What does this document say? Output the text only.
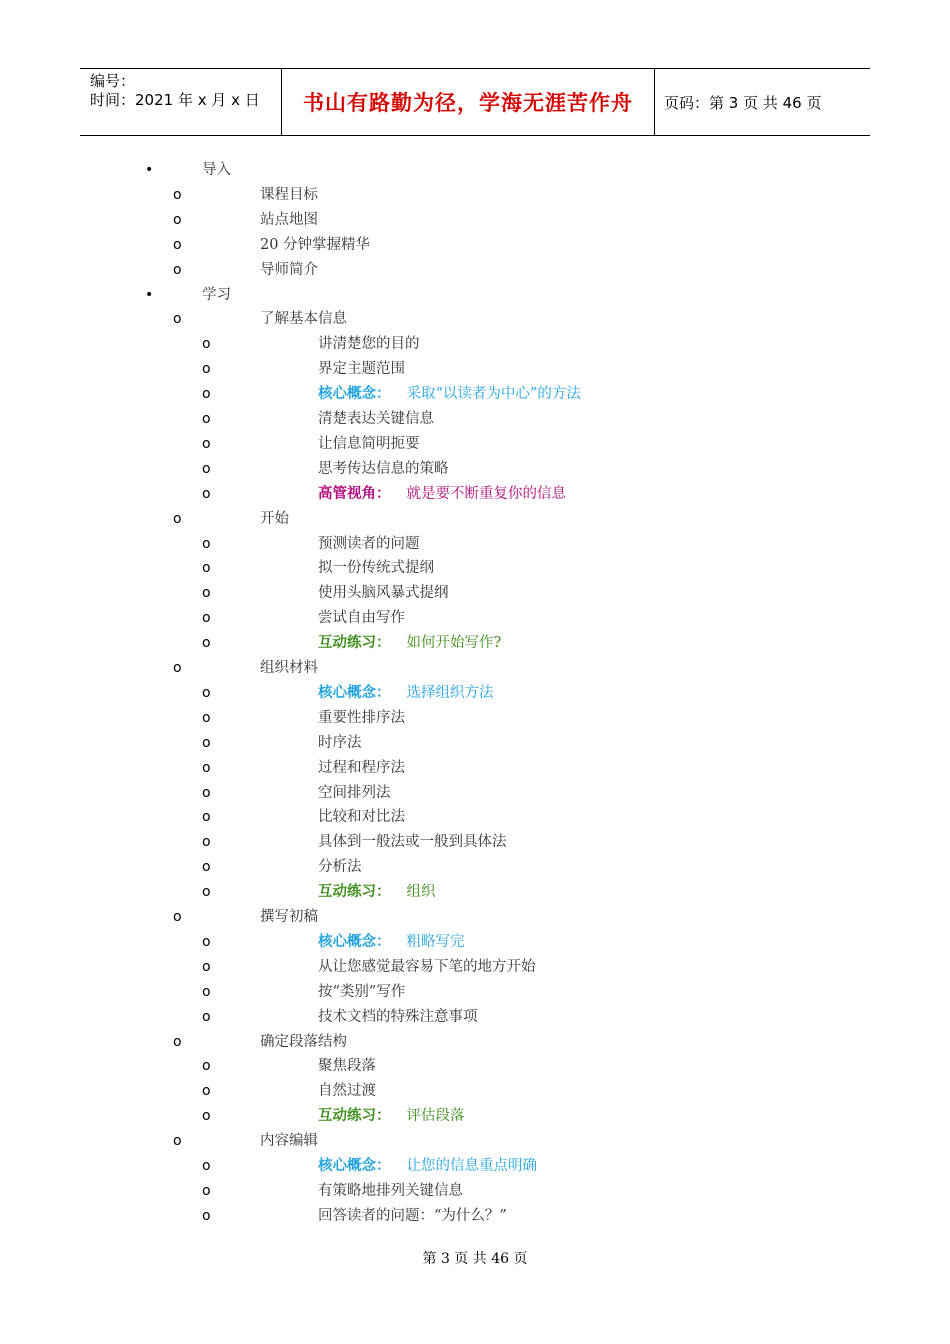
编号：
时间：2021 年 x 月 x 日	书山有路勤为径，学海无涯苦作舟 页码：第 3 页 共 46 页
•	导入
o	课程目标
o	站点地图
o	20 分钟掌握精华
o	导师简介
•	学习
o	了解基本信息
o	讲清楚您的目的
o	界定主题范围
o	核心概念： 采取“以读者为中心”的方法
o	清楚表达关键信息
o	让信息简明扼要
o	思考传达信息的策略
o	高管视角： 就是要不断重复你的信息
o	开始
o	预测读者的问题
o	拟一份传统式提纲
o	使用头脑风暴式提纲
o	尝试自由写作
o	互动练习： 如何开始写作?
o	组织材料
o	核心概念： 选择组织方法
o	重要性排序法
o	时序法
o	过程和程序法
o	空间排列法
o	比较和对比法
o	具体到一般法或一般到具体法
o	分析法
o	互动练习： 组织
o	撰写初稿
o	核心概念： 粗略写完
o	从让您感觉最容易下笔的地方开始
o	按“类别”写作
o	技术文档的特殊注意事项
o	确定段落结构
o	聚焦段落
o	自然过渡
o	互动练习： 评估段落
o	内容编辑
o	核心概念： 让您的信息重点明确
o	有策略地排列关键信息
o	回答读者的问题：“为什么？”
第 3 页 共 46 页
